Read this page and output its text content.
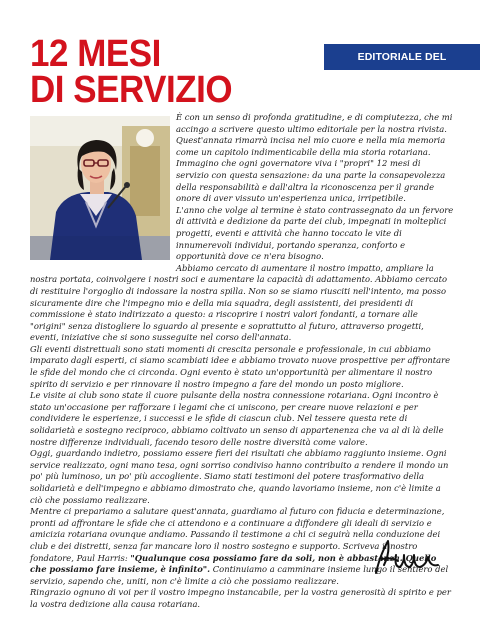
12 MESI
DI SERVIZIO
EDITORIALE DEL GOVERNATORE

È con un senso di profonda gratitudine, e di compiutezza, che mi accingo a scrivere questo ultimo editoriale per la nostra rivista. Quest'annata rimarrà incisa nel mio cuore e nella mia memoria come un capitolo indimenticabile della mia storia rotariana. Immagino che ogni governatore viva i "propri" 12 mesi di servizio con questa sensazione: da una parte la consapevolezza della responsabilità e dall'altra la riconoscenza per il grande onore di aver vissuto un'esperienza unica, irripetibile.
L'anno che volge al termine è stato contrassegnato da un fervore di attività e dedizione da parte dei club, impegnati in molteplici progetti, eventi e attività che hanno toccato le vite di innumerevoli individui, portando speranza, conforto e opportunità dove ce n'era bisogno.
Abbiamo cercato di aumentare il nostro impatto, ampliare la nostra portata, coinvolgere i nostri soci e aumentare la capacità di adattamento. Abbiamo cercato di restituire l'orgoglio di indossare la nostra spilla. Non so se siamo riusciti nell'intento, ma posso sicuramente dire che l'impegno mio e della mia squadra, degli assistenti, dei presidenti di commissione è stato indirizzato a questo: a riscoprire i nostri valori fondanti, a tornare alle "origini" senza distogliere lo sguardo al presente e soprattutto al futuro, attraverso progetti, eventi, iniziative che si sono susseguite nel corso dell'annata.
Gli eventi distrettuali sono stati momenti di crescita personale e professionale, in cui abbiamo imparato dagli esperti, ci siamo scambiati idee e abbiamo trovato nuove prospettive per affrontare le sfide del mondo che ci circonda. Ogni evento è stato un'opportunità per alimentare il nostro spirito di servizio e per rinnovare il nostro impegno a fare del mondo un posto migliore.
Le visite ai club sono state il cuore pulsante della nostra connessione rotariana. Ogni incontro è stato un'occasione per rafforzare i legami che ci uniscono, per creare nuove relazioni e per condividere le esperienze, i successi e le sfide di ciascun club. Nel tessere questa rete di solidarietà e sostegno reciproco, abbiamo coltivato un senso di appartenenza che va al di là delle nostre differenze individuali, facendo tesoro delle nostre diversità come valore.
Oggi, guardando indietro, possiamo essere fieri dei risultati che abbiamo raggiunto insieme. Ogni service realizzato, ogni mano tesa, ogni sorriso condiviso hanno contribuito a rendere il mondo un po' più luminoso, un po' più accogliente. Siamo stati testimoni del potere trasformativo della solidarietà e dell'impegno e abbiamo dimostrato che, quando lavoriamo insieme, non c'è limite a ciò che possiamo realizzare.
Mentre ci prepariamo a salutare quest'annata, guardiamo al futuro con fiducia e determinazione, pronti ad affrontare le sfide che ci attendono e a continuare a diffondere gli ideali di servizio e amicizia rotariana ovunque andiamo. Passando il testimone a chi ci seguirà nella conduzione dei club e dei distretti, senza far mancare loro il nostro sostegno e supporto. Scriveva il nostro fondatore, Paul Harris: "Qualunque cosa possiamo fare da soli, non è abbastanza. Quello che possiamo fare insieme, è infinito". Continuiamo a camminare insieme lungo il sentiero del servizio, sapendo che, uniti, non c'è limite a ciò che possiamo realizzare.
Ringrazio ognuno di voi per il vostro impegno instancabile, per la vostra generosità di spirito e per la vostra dedizione alla causa rotariana.
